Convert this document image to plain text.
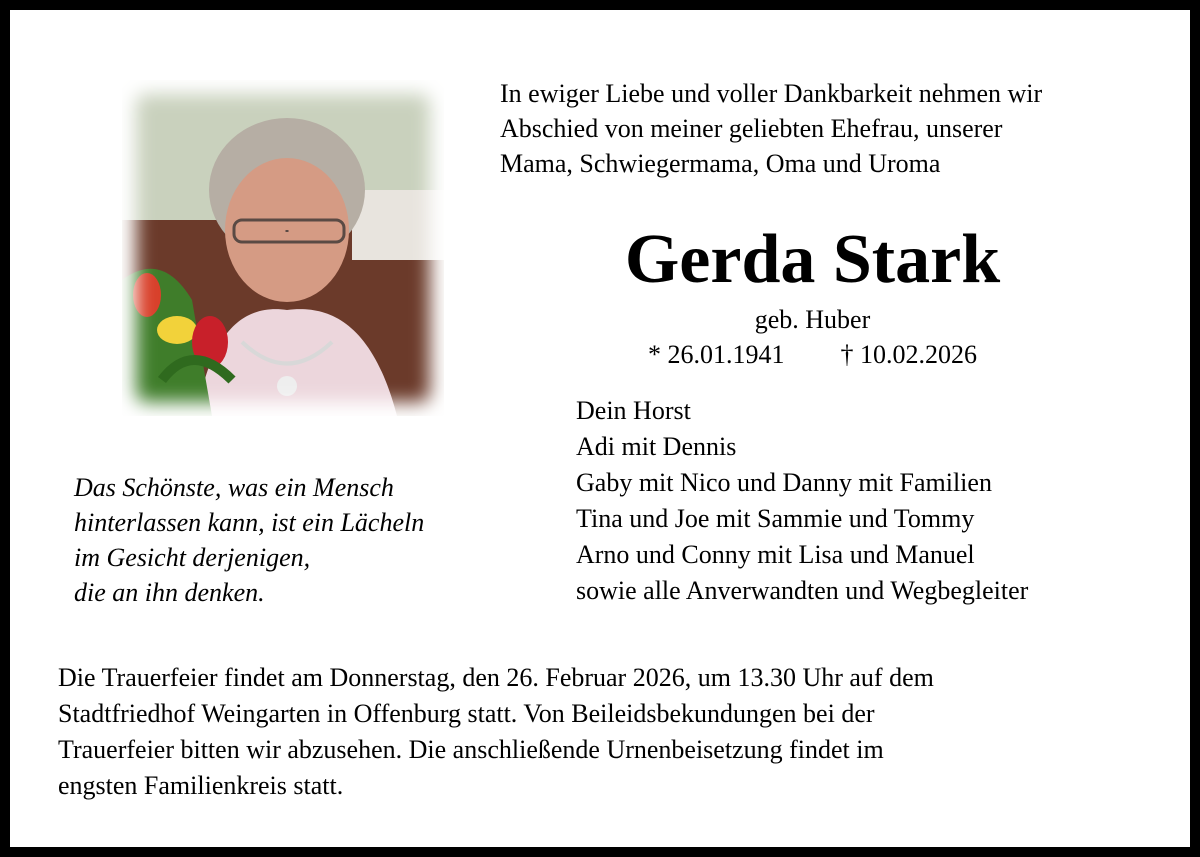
In ewiger Liebe und voller Dankbarkeit nehmen wir
Abschied von meiner geliebten Ehefrau, unserer
Mama, Schwiegermama, Oma und Uroma
Gerda Stark
geb. Huber
* 26.01.1941 † 10.02.2026
Dein Horst
Adi mit Dennis
Gaby mit Nico und Danny mit Familien
Tina und Joe mit Sammie und Tommy
Arno und Conny mit Lisa und Manuel
sowie alle Anverwandten und Wegbegleiter
Das Schönste, was ein Mensch
hinterlassen kann, ist ein Lächeln
im Gesicht derjenigen,
die an ihn denken.
Die Trauerfeier findet am Donnerstag, den 26. Februar 2026, um 13.30 Uhr auf dem
Stadtfriedhof Weingarten in Offenburg statt. Von Beileidsbekundungen bei der
Trauerfeier bitten wir abzusehen. Die anschließende Urnenbeisetzung findet im
engsten Familienkreis statt.
